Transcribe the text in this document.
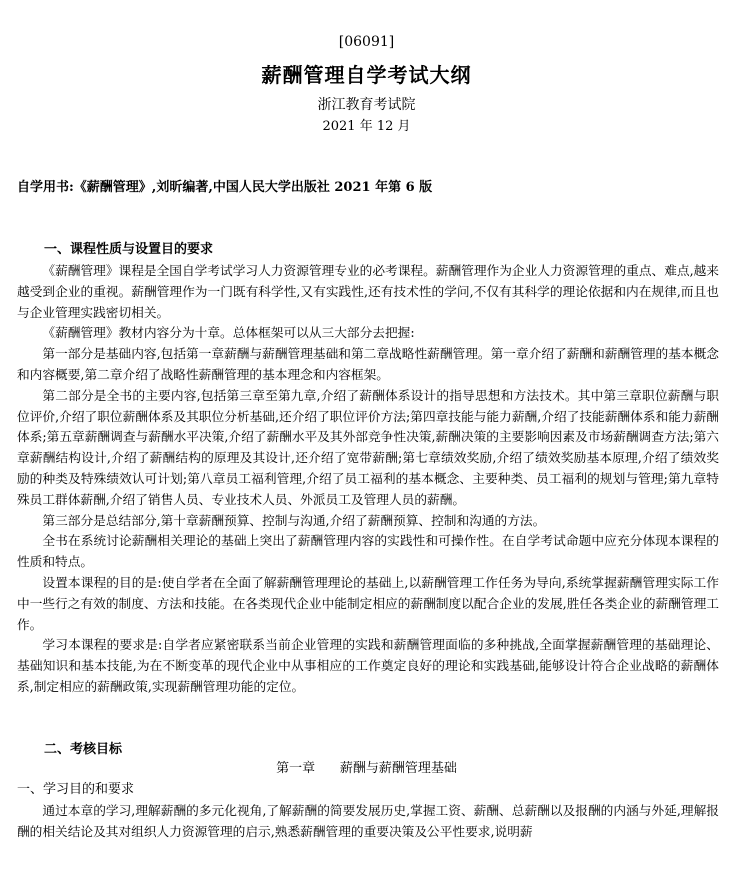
[06091]
薪酬管理自学考试大纲
浙江教育考试院
2021 年 12 月
自学用书:《薪酬管理》,刘昕编著,中国人民大学出版社 2021 年第 6 版
一、课程性质与设置目的要求

《薪酬管理》课程是全国自学考试学习人力资源管理专业的必考课程。薪酬管理作为企业人力资源管理的重点、难点,越来越受到企业的重视。薪酬管理作为一门既有科学性,又有实践性,还有技术性的学问,不仅有其科学的理论依据和内在规律,而且也与企业管理实践密切相关。

《薪酬管理》教材内容分为十章。总体框架可以从三大部分去把握:

第一部分是基础内容,包括第一章薪酬与薪酬管理基础和第二章战略性薪酬管理。第一章介绍了薪酬和薪酬管理的基本概念和内容概要,第二章介绍了战略性薪酬管理的基本理念和内容框架。

第二部分是全书的主要内容,包括第三章至第九章,介绍了薪酬体系设计的指导思想和方法技术。其中第三章职位薪酬与职位评价,介绍了职位薪酬体系及其职位分析基础,还介绍了职位评价方法;第四章技能与能力薪酬,介绍了技能薪酬体系和能力薪酬体系;第五章薪酬调查与薪酬水平决策,介绍了薪酬水平及其外部竞争性决策,薪酬决策的主要影响因素及市场薪酬调查方法;第六章薪酬结构设计,介绍了薪酬结构的原理及其设计,还介绍了宽带薪酬;第七章绩效奖励,介绍了绩效奖励基本原理,介绍了绩效奖励的种类及特殊绩效认可计划;第八章员工福利管理,介绍了员工福利的基本概念、主要种类、员工福利的规划与管理;第九章特殊员工群体薪酬,介绍了销售人员、专业技术人员、外派员工及管理人员的薪酬。

第三部分是总结部分,第十章薪酬预算、控制与沟通,介绍了薪酬预算、控制和沟通的方法。

全书在系统讨论薪酬相关理论的基础上突出了薪酬管理内容的实践性和可操作性。在自学考试命题中应充分体现本课程的性质和特点。

设置本课程的目的是:使自学者在全面了解薪酬管理理论的基础上,以薪酬管理工作任务为导向,系统掌握薪酬管理实际工作中一些行之有效的制度、方法和技能。在各类现代企业中能制定相应的薪酬制度以配合企业的发展,胜任各类企业的薪酬管理工作。

学习本课程的要求是:自学者应紧密联系当前企业管理的实践和薪酬管理面临的多种挑战,全面掌握薪酬管理的基础理论、基础知识和基本技能,为在不断变革的现代企业中从事相应的工作奠定良好的理论和实践基础,能够设计符合企业战略的薪酬体系,制定相应的薪酬政策,实现薪酬管理功能的定位。

二、考核目标
第一章      薪酬与薪酬管理基础
一、学习目的和要求

通过本章的学习,理解薪酬的多元化视角,了解薪酬的简要发展历史,掌握工资、薪酬、总薪酬以及报酬的内涵与外延,理解报酬的相关结论及其对组织人力资源管理的启示,熟悉薪酬管理的重要决策及公平性要求,说明薪
